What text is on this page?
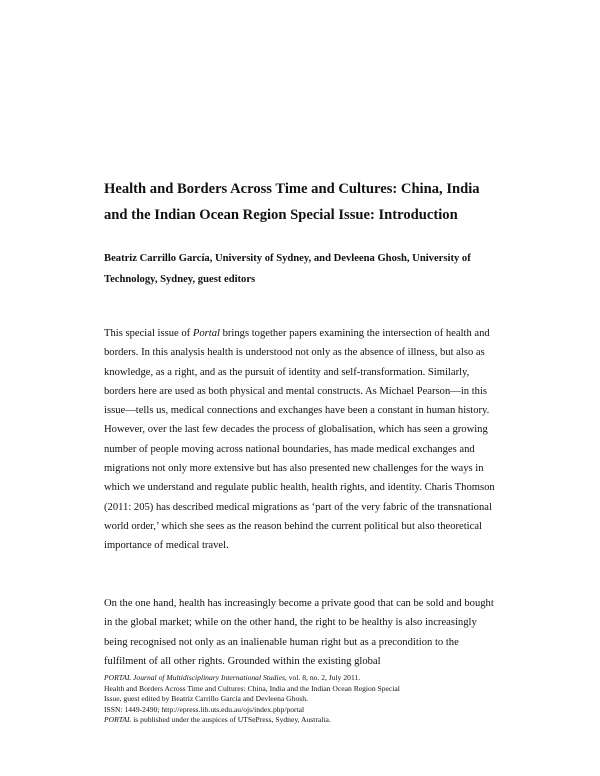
Health and Borders Across Time and Cultures: China, India and the Indian Ocean Region Special Issue: Introduction

Beatriz Carrillo García, University of Sydney, and Devleena Ghosh, University of Technology, Sydney, guest editors

This special issue of Portal brings together papers examining the intersection of health and borders. In this analysis health is understood not only as the absence of illness, but also as knowledge, as a right, and as the pursuit of identity and self-transformation. Similarly, borders here are used as both physical and mental constructs. As Michael Pearson—in this issue—tells us, medical connections and exchanges have been a constant in human history. However, over the last few decades the process of globalisation, which has seen a growing number of people moving across national boundaries, has made medical exchanges and migrations not only more extensive but has also presented new challenges for the ways in which we understand and regulate public health, health rights, and identity. Charis Thomson (2011: 205) has described medical migrations as ‘part of the very fabric of the transnational world order,’ which she sees as the reason behind the current political but also theoretical importance of medical travel.

On the one hand, health has increasingly become a private good that can be sold and bought in the global market; while on the other hand, the right to be healthy is also increasingly being recognised not only as an inalienable human right but as a precondition to the fulfilment of all other rights. Grounded within the existing global

PORTAL Journal of Multidisciplinary International Studies, vol. 8, no. 2, July 2011.
Health and Borders Across Time and Cultures: China, India and the Indian Ocean Region Special
Issue, guest edited by Beatriz Carrillo García and Devleena Ghosh.
ISSN: 1449-2490; http://epress.lib.uts.edu.au/ojs/index.php/portal
PORTAL is published under the auspices of UTSePress, Sydney, Australia.
